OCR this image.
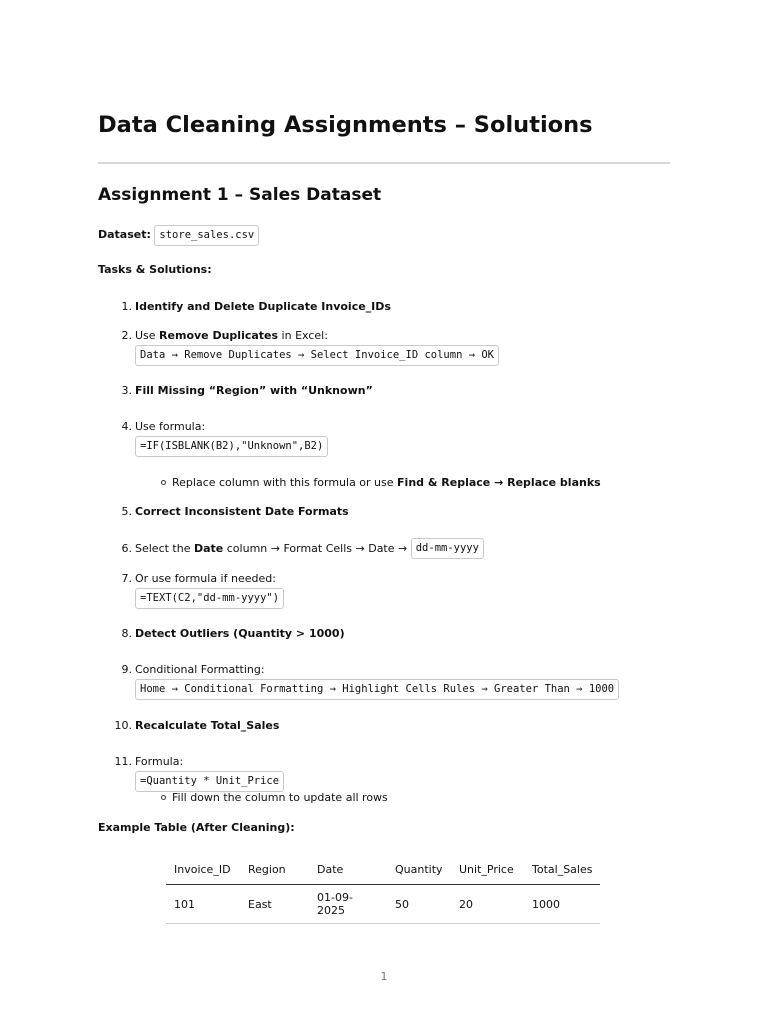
Data Cleaning Assignments – Solutions
Assignment 1 – Sales Dataset
Dataset: store_sales.csv
Tasks & Solutions:
1. Identify and Delete Duplicate Invoice_IDs
2. Use Remove Duplicates in Excel:
Data → Remove Duplicates → Select Invoice_ID column → OK
3. Fill Missing “Region” with “Unknown”
4. Use formula:
=IF(ISBLANK(B2),"Unknown",B2)
Replace column with this formula or use Find & Replace → Replace blanks
5. Correct Inconsistent Date Formats
6. Select the Date column → Format Cells → Date → dd-mm-yyyy
7. Or use formula if needed:
=TEXT(C2,"dd-mm-yyyy")
8. Detect Outliers (Quantity > 1000)
9. Conditional Formatting:
Home → Conditional Formatting → Highlight Cells Rules → Greater Than → 1000
10. Recalculate Total_Sales
11. Formula:
=Quantity * Unit_Price
Fill down the column to update all rows
Example Table (After Cleaning):
Invoice_ID	Region	Date	Quantity	Unit_Price	Total_Sales
101	East	01-09-2025	50	20	1000
1
